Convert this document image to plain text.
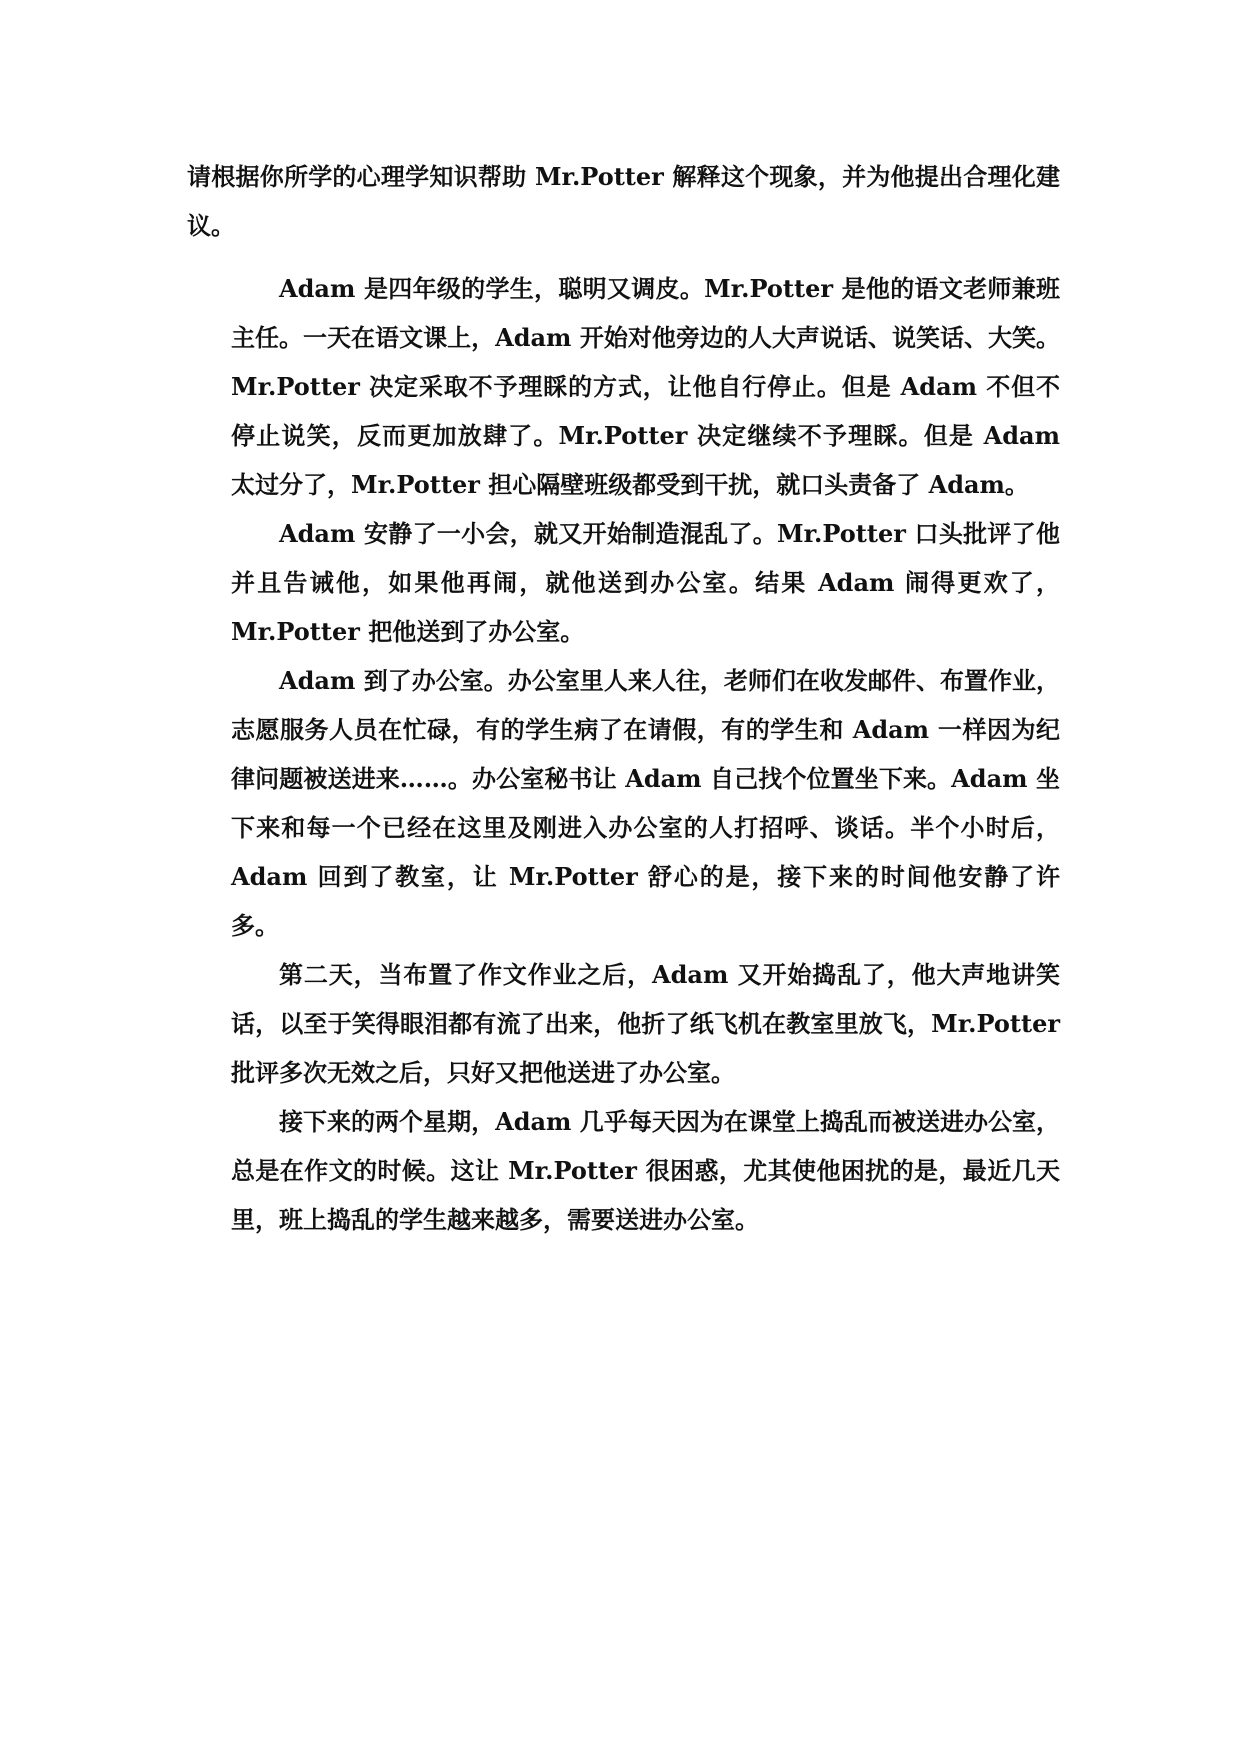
请根据你所学的心理学知识帮助 Mr.Potter 解释这个现象，并为他提出合理化建议。

Adam 是四年级的学生，聪明又调皮。Mr.Potter 是他的语文老师兼班主任。一天在语文课上，Adam 开始对他旁边的人大声说话、说笑话、大笑。Mr.Potter 决定采取不予理睬的方式，让他自行停止。但是 Adam 不但不停止说笑，反而更加放肆了。Mr.Potter 决定继续不予理睬。但是 Adam 太过分了，Mr.Potter 担心隔壁班级都受到干扰，就口头责备了 Adam。

Adam 安静了一小会，就又开始制造混乱了。Mr.Potter 口头批评了他并且告诫他，如果他再闹，就他送到办公室。结果 Adam 闹得更欢了，Mr.Potter 把他送到了办公室。

Adam 到了办公室。办公室里人来人往，老师们在收发邮件、布置作业，志愿服务人员在忙碌，有的学生病了在请假，有的学生和 Adam 一样因为纪律问题被送进来……。办公室秘书让 Adam 自己找个位置坐下来。Adam 坐下来和每一个已经在这里及刚进入办公室的人打招呼、谈话。半个小时后，Adam 回到了教室，让 Mr.Potter 舒心的是，接下来的时间他安静了许多。

第二天，当布置了作文作业之后，Adam 又开始捣乱了，他大声地讲笑话，以至于笑得眼泪都有流了出来，他折了纸飞机在教室里放飞，Mr.Potter 批评多次无效之后，只好又把他送进了办公室。

接下来的两个星期，Adam 几乎每天因为在课堂上捣乱而被送进办公室，总是在作文的时候。这让 Mr.Potter 很困惑，尤其使他困扰的是，最近几天里，班上捣乱的学生越来越多，需要送进办公室。
